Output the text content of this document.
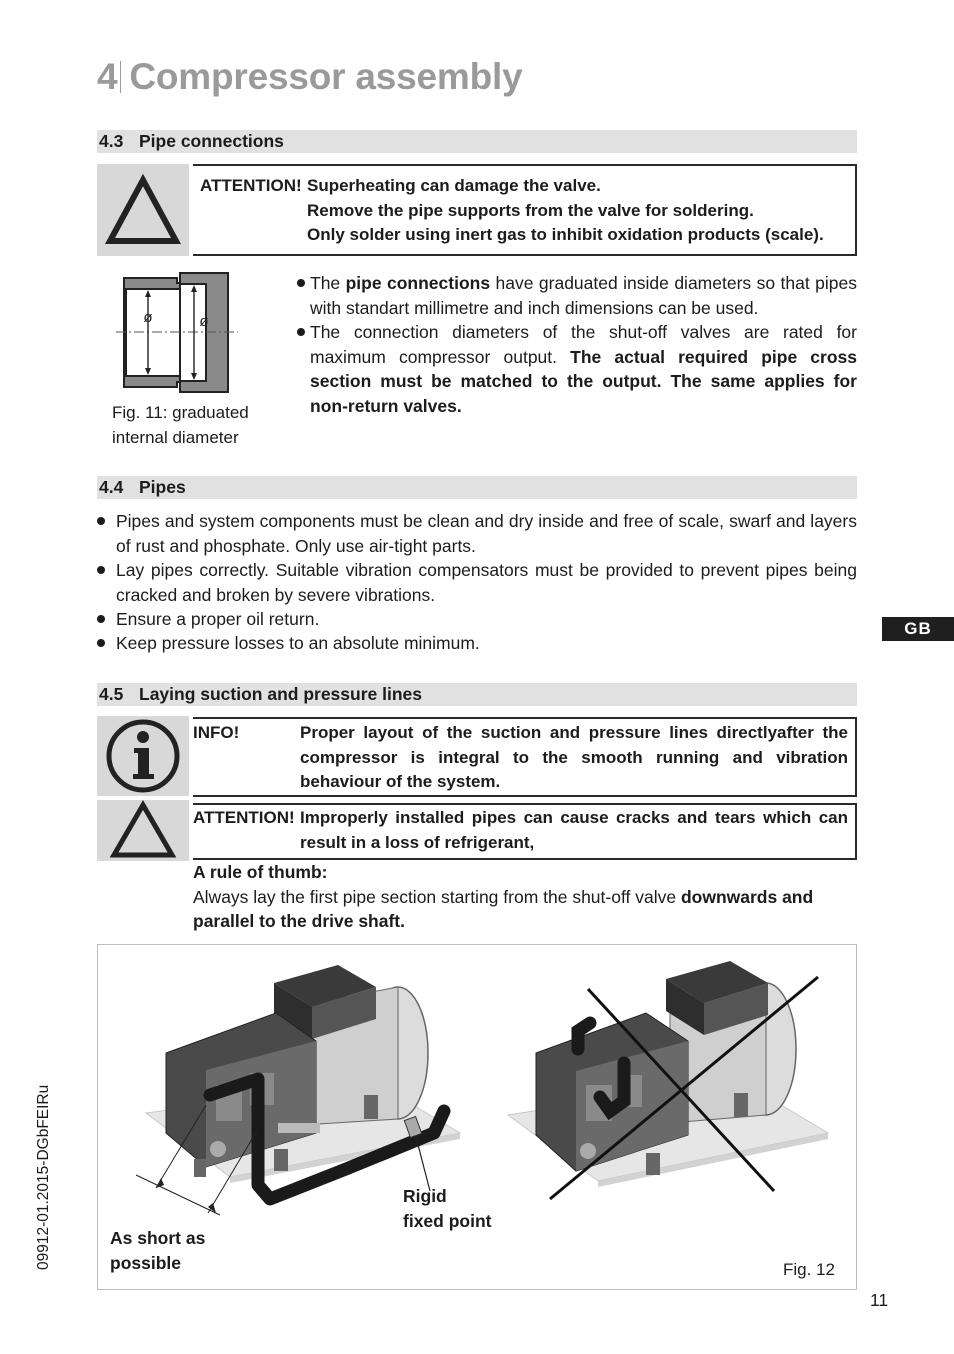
4 Compressor assembly
4.3 Pipe connections
ATTENTION! Superheating can damage the valve.
Remove the pipe supports from the valve for soldering.
Only solder using inert gas to inhibit oxidation products (scale).
ø	ø
Fig. 11: graduated
internal diameter
The pipe connections have graduated inside diameters so that pipes with standart millimetre and inch dimensions can be used.
The connection diameters of the shut-off valves are rated for maximum compressor output. The actual required pipe cross section must be matched to the output. The same applies for non-return valves.
4.4 Pipes
Pipes and system components must be clean and dry inside and free of scale, swarf and layers of rust and phosphate. Only use air-tight parts.
Lay pipes correctly. Suitable vibration compensators must be provided to prevent pipes being cracked and broken by severe vibrations.
Ensure a proper oil return.
Keep pressure losses to an absolute minimum.
GB
4.5 Laying suction and pressure lines
INFO!	Proper layout of the suction and pressure lines directlyafter the compressor is integral to the smooth running and vibration behaviour of the system.
ATTENTION! Improperly installed pipes can cause cracks and tears which can result in a loss of refrigerant,
A rule of thumb:
Always lay the first pipe section starting from the shut-off valve downwards and parallel to the drive shaft.
Rigid
fixed point
As short as
possible	Fig. 12
09912-01.2015-DGbFEIRu
11
